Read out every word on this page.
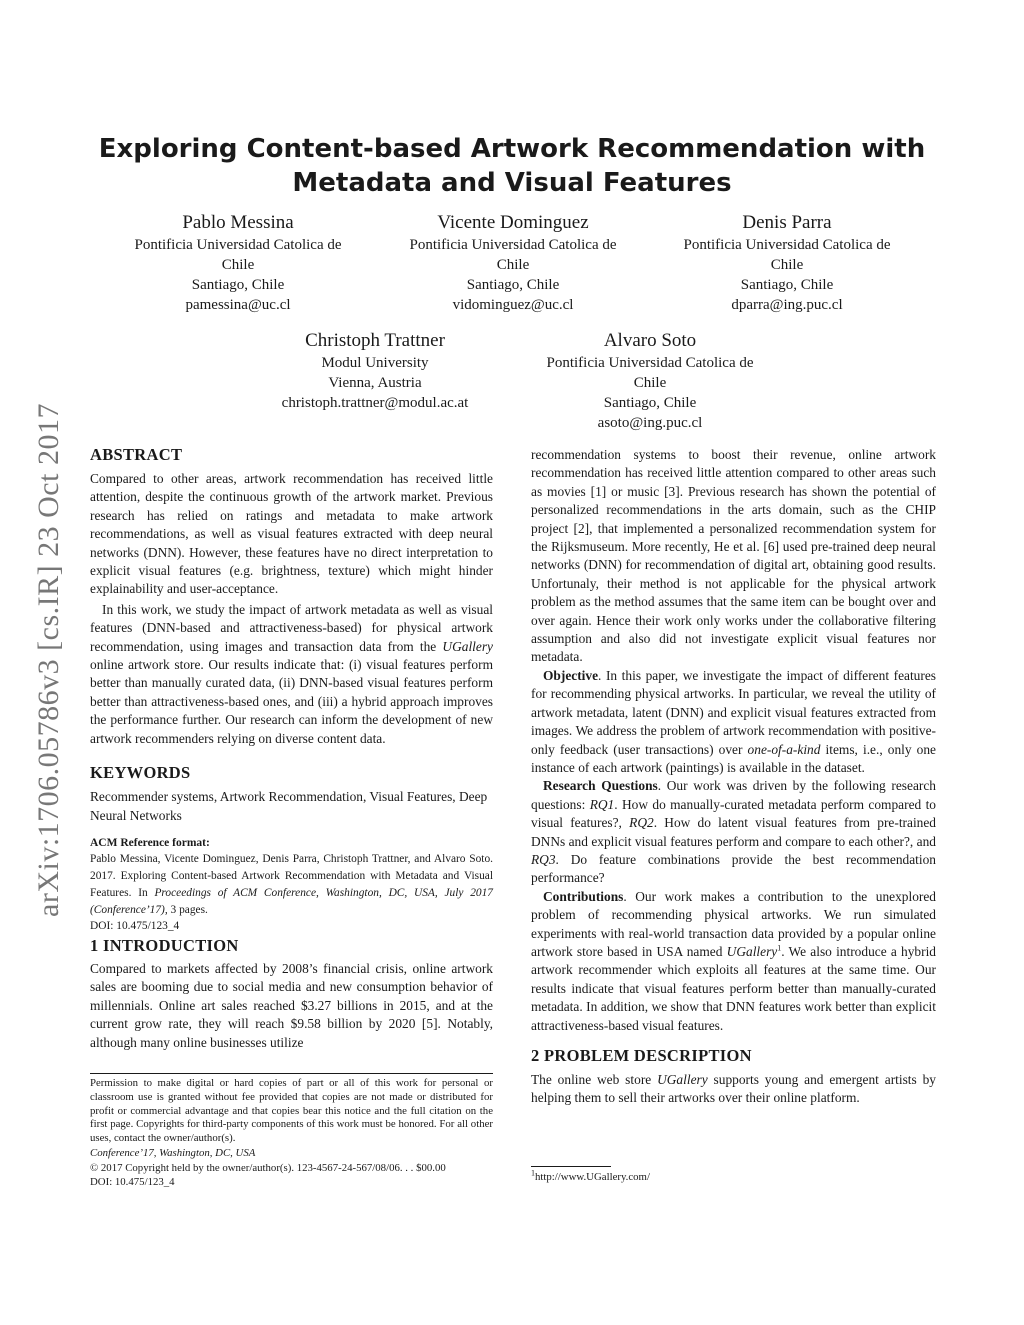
arXiv:1706.05786v3 [cs.IR] 23 Oct 2017
Exploring Content-based Artwork Recommendation with Metadata and Visual Features
Pablo Messina
Pontificia Universidad Catolica de
Chile
Santiago, Chile
pamessina@uc.cl
Vicente Dominguez
Pontificia Universidad Catolica de
Chile
Santiago, Chile
vidominguez@uc.cl
Denis Parra
Pontificia Universidad Catolica de
Chile
Santiago, Chile
dparra@ing.puc.cl
Christoph Trattner
Modul University
Vienna, Austria
christoph.trattner@modul.ac.at
Alvaro Soto
Pontificia Universidad Catolica de
Chile
Santiago, Chile
asoto@ing.puc.cl
ABSTRACT

Compared to other areas, artwork recommendation has received little attention, despite the continuous growth of the artwork market. Previous research has relied on ratings and metadata to make artwork recommendations, as well as visual features extracted with deep neural networks (DNN). However, these features have no direct interpretation to explicit visual features (e.g. brightness, texture) which might hinder explainability and user-acceptance.

In this work, we study the impact of artwork metadata as well as visual features (DNN-based and attractiveness-based) for physical artwork recommendation, using images and transaction data from the UGallery online artwork store. Our results indicate that: (i) visual features perform better than manually curated data, (ii) DNN-based visual features perform better than attractiveness-based ones, and (iii) a hybrid approach improves the performance further. Our research can inform the development of new artwork recommenders relying on diverse content data.

KEYWORDS

Recommender systems, Artwork Recommendation, Visual Features, Deep Neural Networks

ACM Reference format:

Pablo Messina, Vicente Dominguez, Denis Parra, Christoph Trattner, and Alvaro Soto. 2017. Exploring Content-based Artwork Recommendation with Metadata and Visual Features. In Proceedings of ACM Conference, Washington, DC, USA, July 2017 (Conference’17), 3 pages.

DOI: 10.475/123_4

1 INTRODUCTION

Compared to markets affected by 2008’s financial crisis, online artwork sales are booming due to social media and new consumption behavior of millennials. Online art sales reached $3.27 billions in 2015, and at the current grow rate, they will reach $9.58 billion by 2020 [5]. Notably, although many online businesses utilize

Permission to make digital or hard copies of part or all of this work for personal or classroom use is granted without fee provided that copies are not made or distributed for profit or commercial advantage and that copies bear this notice and the full citation on the first page. Copyrights for third-party components of this work must be honored. For all other uses, contact the owner/author(s).

Conference’17, Washington, DC, USA

© 2017 Copyright held by the owner/author(s). 123-4567-24-567/08/06. . . $00.00

DOI: 10.475/123_4

recommendation systems to boost their revenue, online artwork recommendation has received little attention compared to other areas such as movies [1] or music [3]. Previous research has shown the potential of personalized recommendations in the arts domain, such as the CHIP project [2], that implemented a personalized recommendation system for the Rijksmuseum. More recently, He et al. [6] used pre-trained deep neural networks (DNN) for recommendation of digital art, obtaining good results. Unfortunaly, their method is not applicable for the physical artwork problem as the method assumes that the same item can be bought over and over again. Hence their work only works under the collaborative filtering assumption and also did not investigate explicit visual features nor metadata.

Objective. In this paper, we investigate the impact of different features for recommending physical artworks. In particular, we reveal the utility of artwork metadata, latent (DNN) and explicit visual features extracted from images. We address the problem of artwork recommendation with positive-only feedback (user transactions) over one-of-a-kind items, i.e., only one instance of each artwork (paintings) is available in the dataset.

Research Questions. Our work was driven by the following research questions: RQ1. How do manually-curated metadata perform compared to visual features?, RQ2. How do latent visual features from pre-trained DNNs and explicit visual features perform and compare to each other?, and RQ3. Do feature combinations provide the best recommendation performance?

Contributions. Our work makes a contribution to the unexplored problem of recommending physical artworks. We run simulated experiments with real-world transaction data provided by a popular online artwork store based in USA named UGallery$^1$. We also introduce a hybrid artwork recommender which exploits all features at the same time. Our results indicate that visual features perform better than manually-curated metadata. In addition, we show that DNN features work better than explicit attractiveness-based visual features.

2 PROBLEM DESCRIPTION

The online web store UGallery supports young and emergent artists by helping them to sell their artworks over their online platform.

$^1$http://www.UGallery.com/
